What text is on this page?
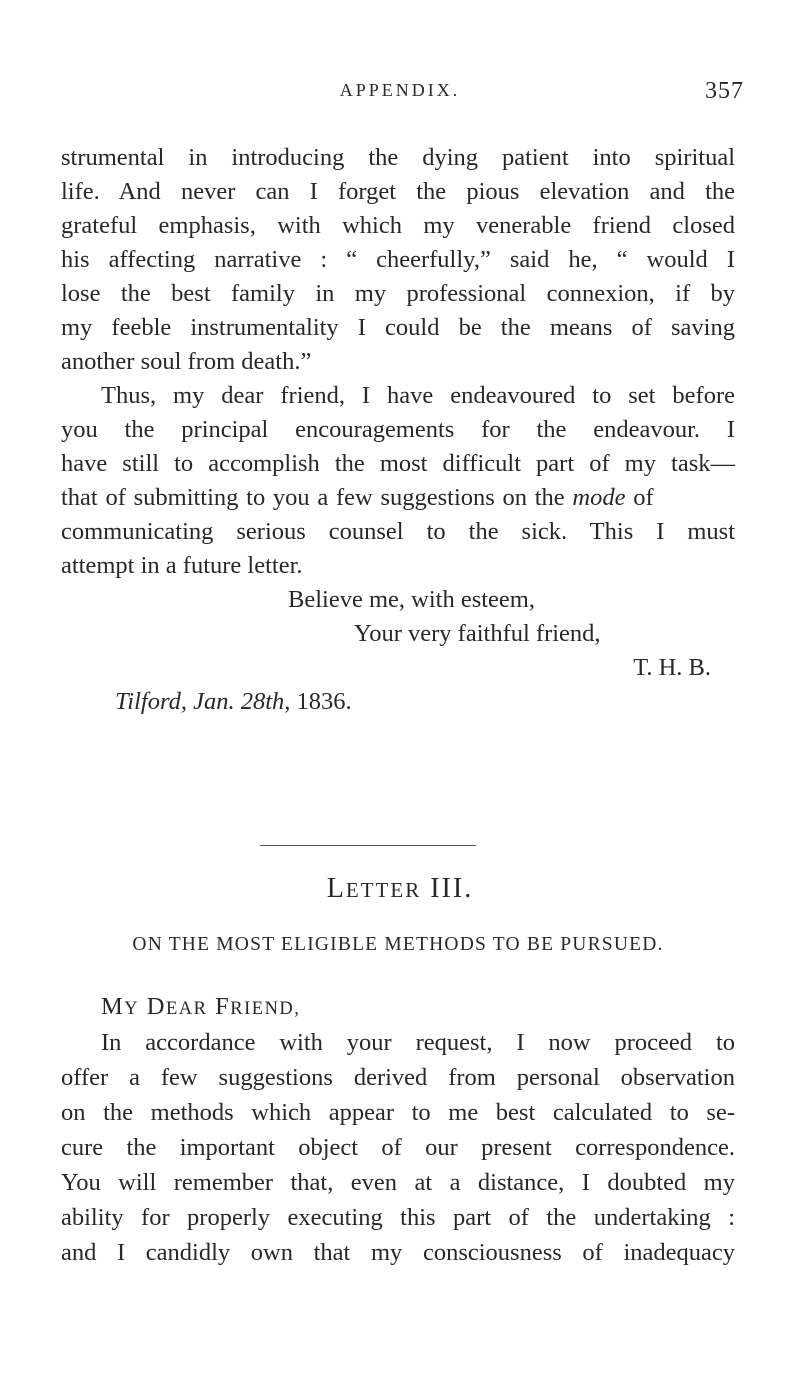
APPENDIX.	357
strumental in introducing the dying patient into spiritual
life. And never can I forget the pious elevation and the
grateful emphasis, with which my venerable friend closed
his affecting narrative : “ cheerfully,” said he, “ would I
lose the best family in my professional connexion, if by
my feeble instrumentality I could be the means of saving
another soul from death.”
Thus, my dear friend, I have endeavoured to set before
you the principal encouragements for the endeavour. I
have still to accomplish the most difficult part of my task—
that of submitting to you a few suggestions on the mode of
communicating serious counsel to the sick. This I must
attempt in a future letter.
Believe me, with esteem,
Your very faithful friend,
T. H. B.
Tilford, Jan. 28th, 1836.
LETTER III.
ON THE MOST ELIGIBLE METHODS TO BE PURSUED.
MY DEAR FRIEND,
In accordance with your request, I now proceed to
offer a few suggestions derived from personal observation
on the methods which appear to me best calculated to se-
cure the important object of our present correspondence.
You will remember that, even at a distance, I doubted my
ability for properly executing this part of the undertaking :
and I candidly own that my consciousness of inadequacy
